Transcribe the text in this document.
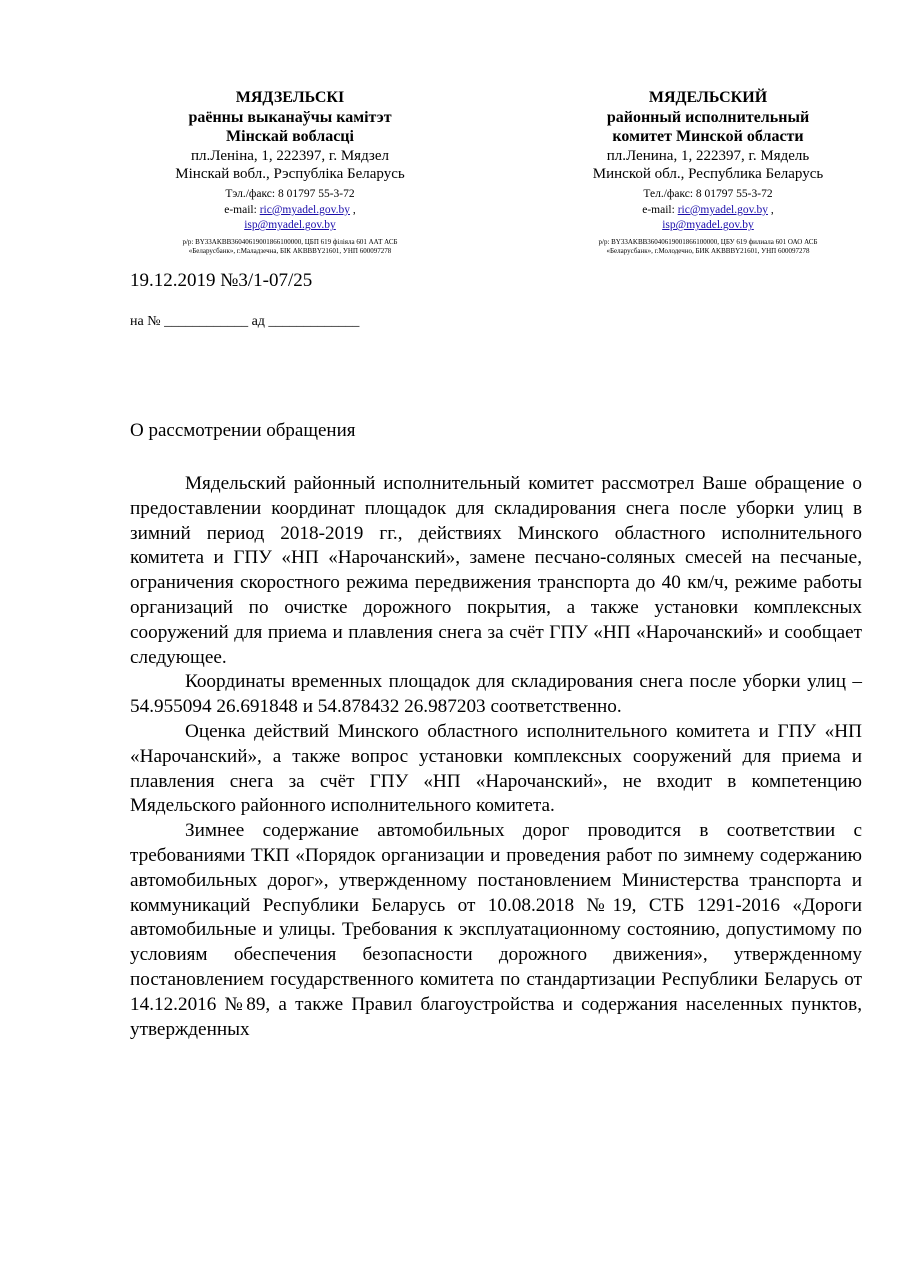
МЯДЗЕЛЬСКІ
раённы выканаўчы камітэт
Мінскай вобласці
пл.Леніна, 1, 222397, г. Мядзел
Мінскай вобл., Рэспубліка Беларусь
Тэл./факс: 8 01797 55-3-72
e-mail: ric@myadel.gov.by ,
isp@myadel.gov.by
р/р: BY33AKBB36040619001866100000, ЦБП 619 філіяла 601 ААТ АСБ
«Беларусбанк», г.Маладзечна, БІК AKBBBY21601, УНП 600097278
МЯДЕЛЬСКИЙ
районный исполнительный
комитет Минской области
пл.Ленина, 1, 222397, г. Мядель
Минской обл., Республика Беларусь
Тел./факс: 8 01797 55-3-72
e-mail: ric@myadel.gov.by ,
isp@myadel.gov.by
р/р: BY33AKBB36040619001866100000, ЦБУ 619 филиала 601 ОАО АСБ
«Беларусбанк», г.Молодечно, БИК AKBBBY21601, УНП 600097278
19.12.2019 №3/1-07/25
на № ____________ ад _____________
О рассмотрении обращения

Мядельский районный исполнительный комитет рассмотрел Ваше обращение о предоставлении координат площадок для складирования снега после уборки улиц в зимний период 2018-2019 гг., действиях Минского областного исполнительного комитета и ГПУ «НП «Нарочанский», замене песчано-соляных смесей на песчаные, ограничения скоростного режима передвижения транспорта до 40 км/ч, режиме работы организаций по очистке дорожного покрытия, а также установки комплексных сооружений для приема и плавления снега за счёт ГПУ «НП «Нарочанский» и сообщает следующее.

Координаты временных площадок для складирования снега после уборки улиц – 54.955094 26.691848 и 54.878432 26.987203 соответственно.

Оценка действий Минского областного исполнительного комитета и ГПУ «НП «Нарочанский», а также вопрос установки комплексных сооружений для приема и плавления снега за счёт ГПУ «НП «Нарочанский», не входит в компетенцию Мядельского районного исполнительного комитета.

Зимнее содержание автомобильных дорог проводится в соответствии с требованиями ТКП «Порядок организации и проведения работ по зимнему содержанию автомобильных дорог», утвержденному постановлением Министерства транспорта и коммуникаций Республики Беларусь от 10.08.2018 №19, СТБ 1291-2016 «Дороги автомобильные и улицы. Требования к эксплуатационному состоянию, допустимому по условиям обеспечения безопасности дорожного движения», утвержденному постановлением государственного комитета по стандартизации Республики Беларусь от 14.12.2016 №89, а также Правил благоустройства и содержания населенных пунктов, утвержденных
